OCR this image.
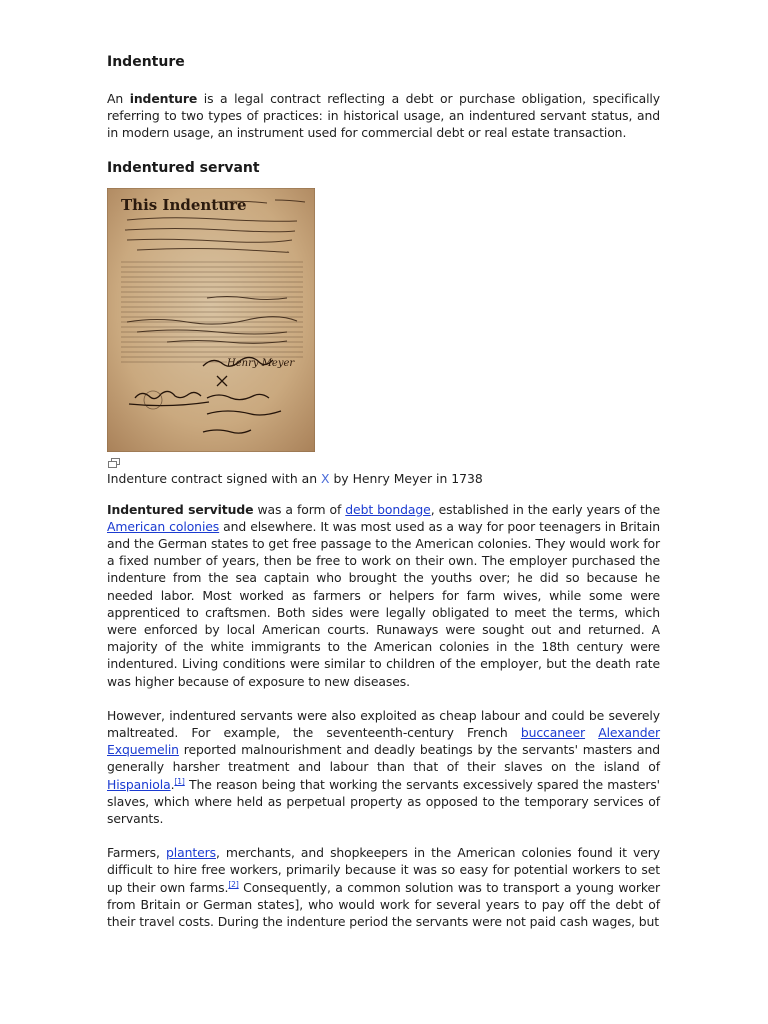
Indenture

An indenture is a legal contract reflecting a debt or purchase obligation, specifically referring to two types of practices: in historical usage, an indentured servant status, and in modern usage, an instrument used for commercial debt or real estate transaction.

Indentured servant
This Indenture
Henry Meyer
Indenture contract signed with an X by Henry Meyer in 1738

Indentured servitude was a form of debt bondage, established in the early years of the American colonies and elsewhere. It was most used as a way for poor teenagers in Britain and the German states to get free passage to the American colonies. They would work for a fixed number of years, then be free to work on their own. The employer purchased the indenture from the sea captain who brought the youths over; he did so because he needed labor. Most worked as farmers or helpers for farm wives, while some were apprenticed to craftsmen. Both sides were legally obligated to meet the terms, which were enforced by local American courts. Runaways were sought out and returned. A majority of the white immigrants to the American colonies in the 18th century were indentured. Living conditions were similar to children of the employer, but the death rate was higher because of exposure to new diseases.

However, indentured servants were also exploited as cheap labour and could be severely maltreated. For example, the seventeenth-century French buccaneer Alexander Exquemelin reported malnourishment and deadly beatings by the servants' masters and generally harsher treatment and labour than that of their slaves on the island of Hispaniola.[1] The reason being that working the servants excessively spared the masters' slaves, which where held as perpetual property as opposed to the temporary services of servants.

Farmers, planters, merchants, and shopkeepers in the American colonies found it very difficult to hire free workers, primarily because it was so easy for potential workers to set up their own farms.[2] Consequently, a common solution was to transport a young worker from Britain or German states], who would work for several years to pay off the debt of their travel costs. During the indenture period the servants were not paid cash wages, but
